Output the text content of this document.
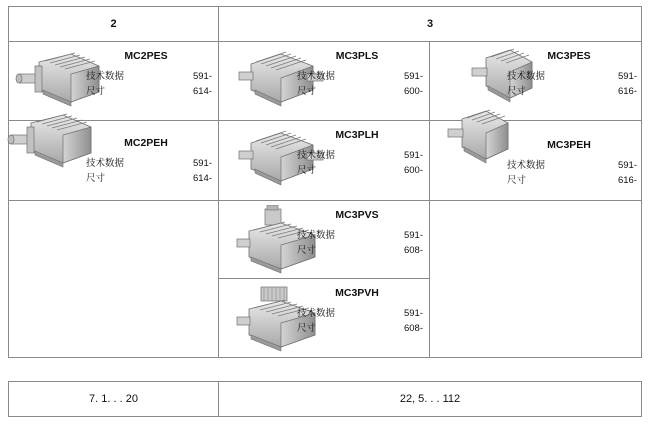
2	3
MC2PES
技术数据	591-
尺寸	614-
MC2PEH
技术数据	591-
尺寸	614-
MC3PLS
技术数据	591-
尺寸	600-
MC3PLH
技术数据	591-
尺寸	600-
MC3PES
技术数据	591-
尺寸	616-
MC3PEH
技术数据	591-
尺寸	616-
MC3PVS
技术数据	591-
尺寸	608-
MC3PVH
技术数据	591-
尺寸	608-
7. 1. . . 20	22, 5. . . 112
